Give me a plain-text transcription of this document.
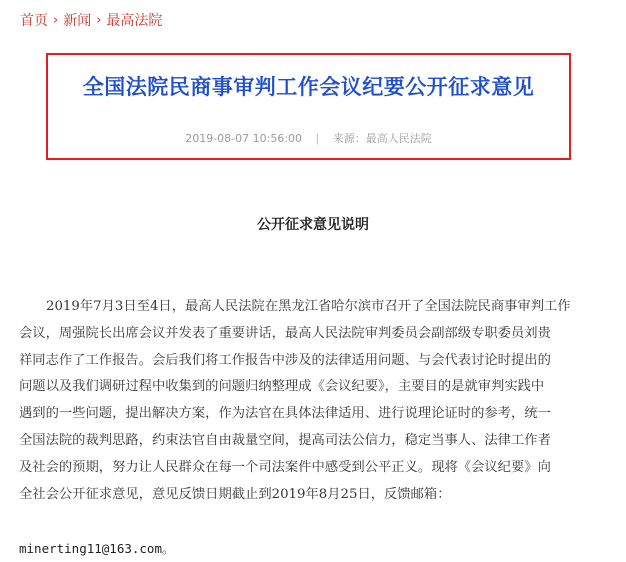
首页 › 新闻 › 最高法院
全国法院民商事审判工作会议纪要公开征求意见
2019-08-07 10:56:00 | 来源：最高人民法院
公开征求意见说明
2019年7月3日至4日，最高人民法院在黑龙江省哈尔滨市召开了全国法院民商事审判工作
会议，周强院长出席会议并发表了重要讲话，最高人民法院审判委员会副部级专职委员刘贵
祥同志作了工作报告。会后我们将工作报告中涉及的法律适用问题、与会代表讨论时提出的
问题以及我们调研过程中收集到的问题归纳整理成《会议纪要》，主要目的是就审判实践中
遇到的一些问题，提出解决方案，作为法官在具体法律适用、进行说理论证时的参考，统一
全国法院的裁判思路，约束法官自由裁量空间，提高司法公信力，稳定当事人、法律工作者
及社会的预期，努力让人民群众在每一个司法案件中感受到公平正义。现将《会议纪要》向
全社会公开征求意见，意见反馈日期截止到2019年8月25日，反馈邮箱：
minerting11@163.com。
